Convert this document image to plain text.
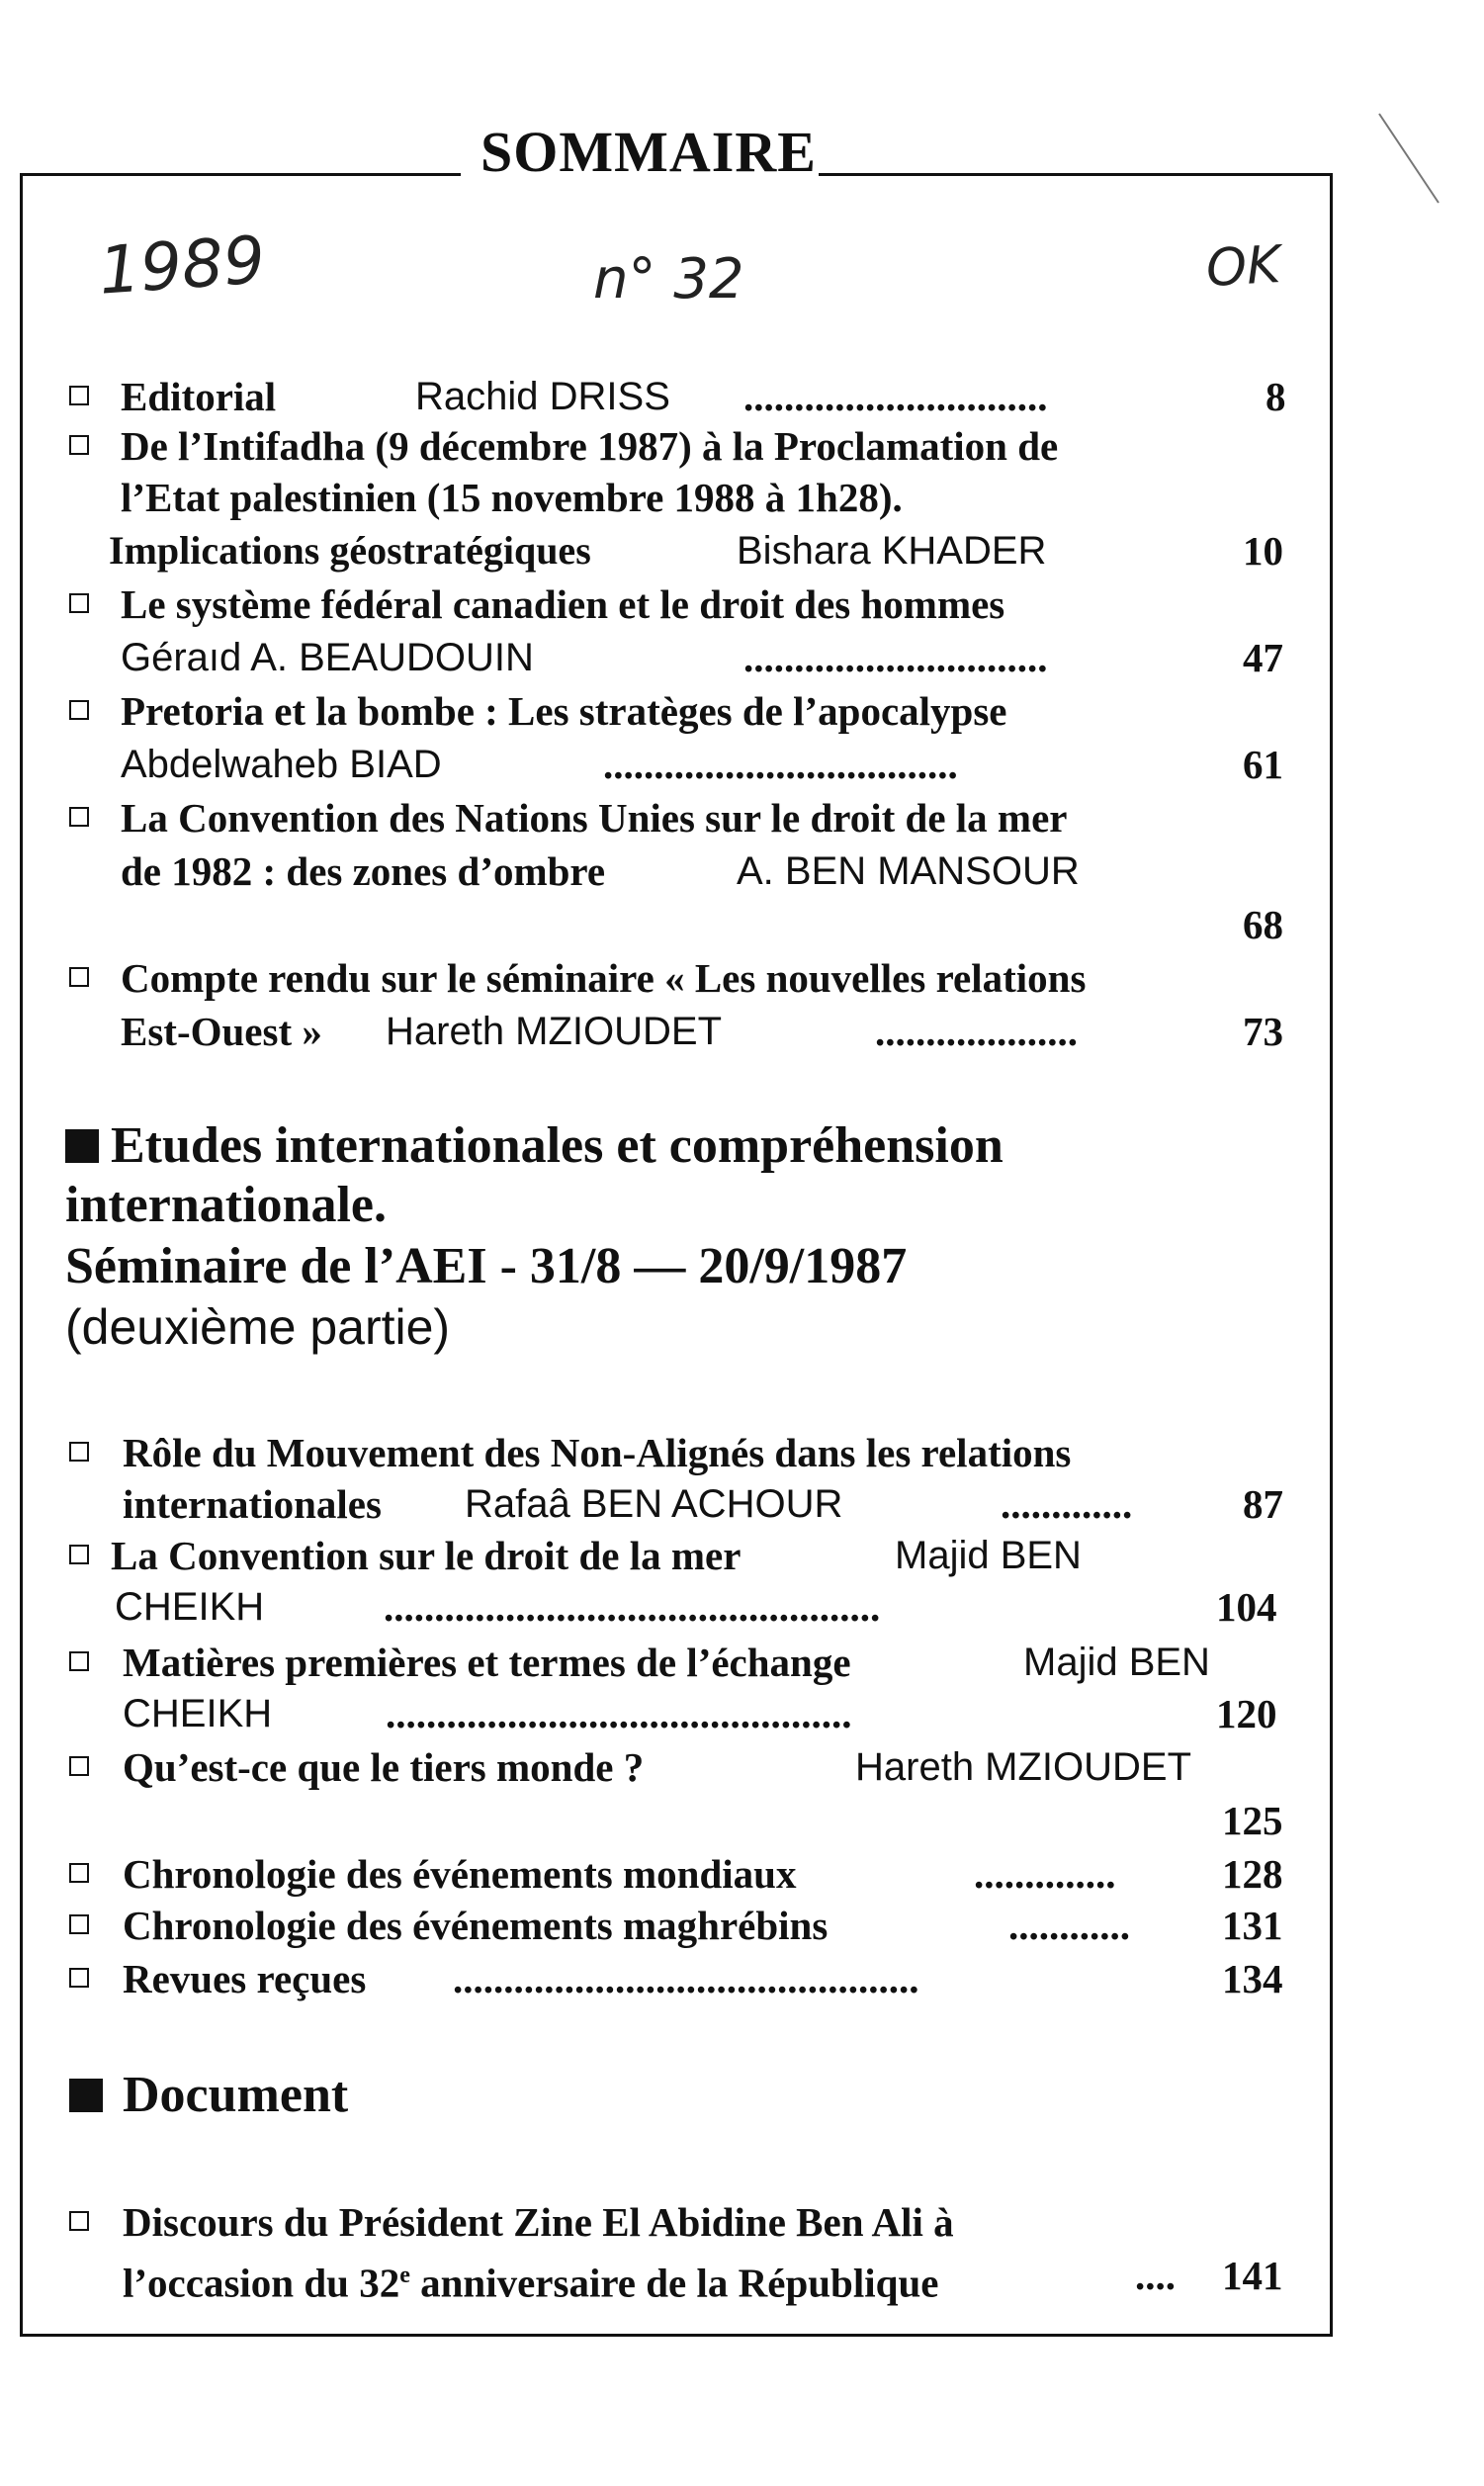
SOMMAIRE
1989	n° 32	OK
Editorial	Rachid DRISS ..............................	8
De l’Intifadha (9 décembre 1987) à la Proclamation de
l’Etat palestinien (15 novembre 1988 à 1h28).
Implications géostratégiques	Bishara KHADER	10
Le système fédéral canadien et le droit des hommes
Géraıd A. BEAUDOUIN	..............................	47
Pretoria et la bombe : Les stratèges de l’apocalypse
Abdelwaheb BIAD	...................................	61
La Convention des Nations Unies sur le droit de la mer
de 1982 : des zones d’ombre	A. BEN MANSOUR
68
Compte rendu sur le séminaire « Les nouvelles relations
Est-Ouest » Hareth MZIOUDET	....................	73
Etudes internationales et compréhension
internationale.
Séminaire de l’AEI - 31/8 — 20/9/1987
(deuxième partie)
Rôle du Mouvement des Non-Alignés dans les relations
internationales Rafaâ BEN ACHOUR	.............	87
La Convention sur le droit de la mer	Majid BEN
CHEIKH	.................................................	104
Matières premières et termes de l’échange	Majid BEN
CHEIKH	..............................................	120
Qu’est-ce que le tiers monde ?	Hareth MZIOUDET
125
Chronologie des événements mondiaux	..............	128
Chronologie des événements maghrébins	............ 131
Revues reçues ..............................................	134
Document
Discours du Président Zine El Abidine Ben Ali à
l’occasion du 32e anniversaire de la République	.... 141
